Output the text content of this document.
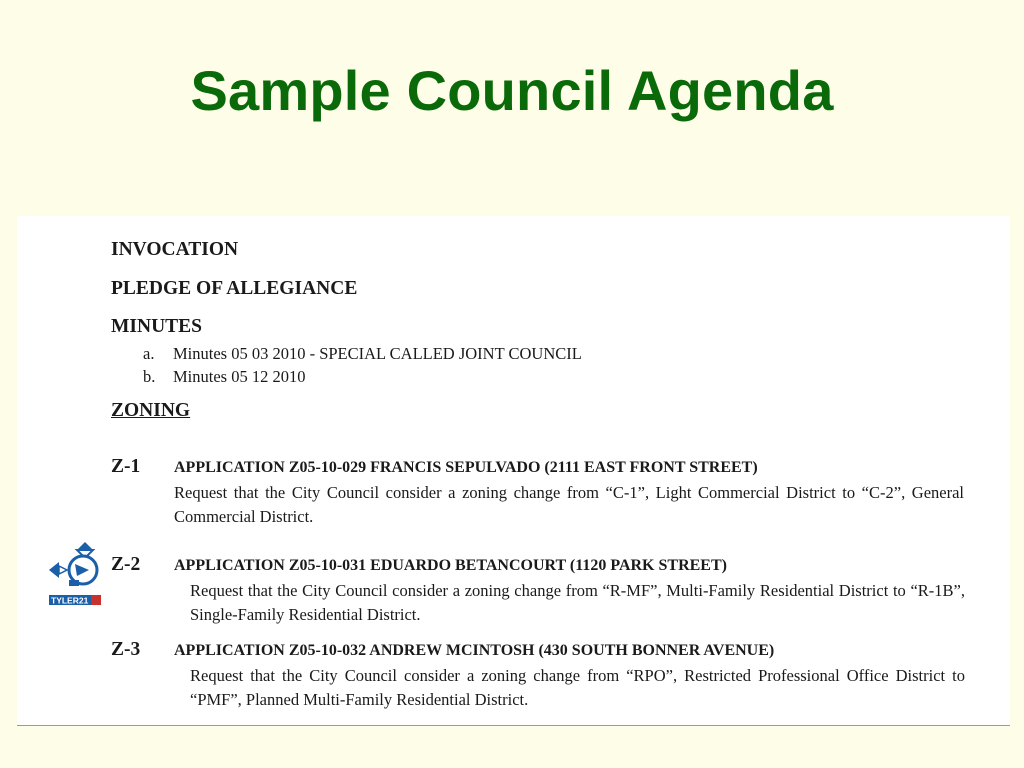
Sample Council Agenda
INVOCATION
PLEDGE OF ALLEGIANCE
MINUTES
a. Minutes 05 03 2010 - SPECIAL CALLED JOINT COUNCIL
b. Minutes 05 12 2010
ZONING
Z-1 APPLICATION Z05-10-029 FRANCIS SEPULVADO (2111 EAST FRONT STREET)
Request that the City Council consider a zoning change from “C-1”, Light Commercial District to “C-2”, General Commercial District.
Z-2 APPLICATION Z05-10-031 EDUARDO BETANCOURT (1120 PARK STREET)
Request that the City Council consider a zoning change from “R-MF”, Multi-Family Residential District to “R-1B”, Single-Family Residential District.
Z-3 APPLICATION Z05-10-032 ANDREW MCINTOSH (430 SOUTH BONNER AVENUE)
Request that the City Council consider a zoning change from “RPO”, Restricted Professional Office District to “PMF”, Planned Multi-Family Residential District.
TYLER21
